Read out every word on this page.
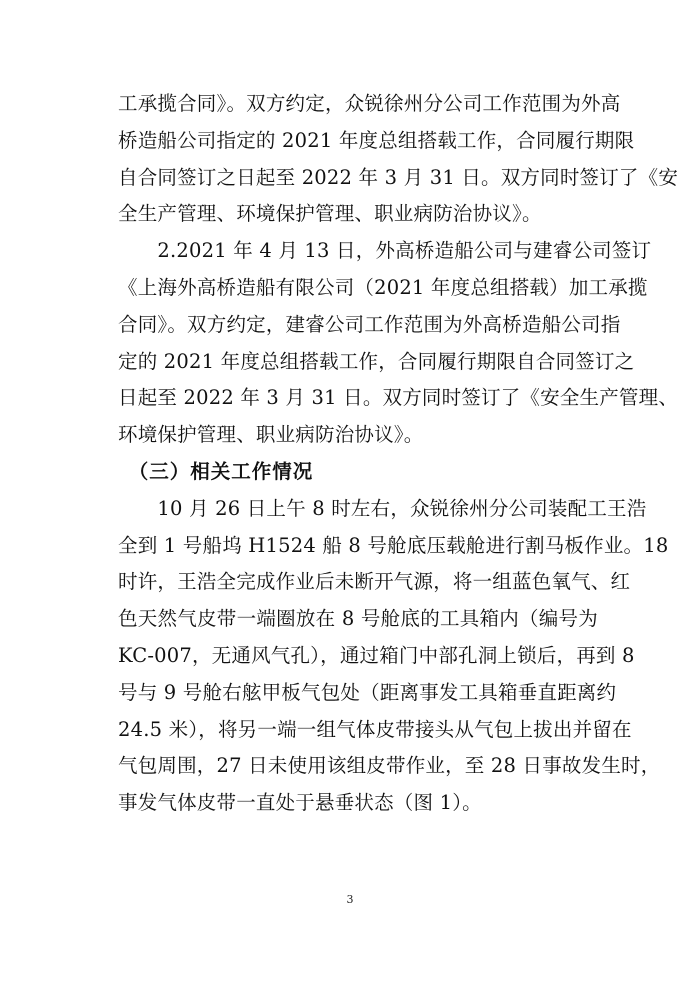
工承揽合同》。双方约定，众锐徐州分公司工作范围为外高
桥造船公司指定的 2021 年度总组搭载工作，合同履行期限
自合同签订之日起至 2022 年 3 月 31 日。双方同时签订了《安
全生产管理、环境保护管理、职业病防治协议》。
　　2.2021 年 4 月 13 日，外高桥造船公司与建睿公司签订
《上海外高桥造船有限公司（2021 年度总组搭载）加工承揽
合同》。双方约定，建睿公司工作范围为外高桥造船公司指
定的 2021 年度总组搭载工作，合同履行期限自合同签订之
日起至 2022 年 3 月 31 日。双方同时签订了《安全生产管理、
环境保护管理、职业病防治协议》。
　（三）相关工作情况
　　10 月 26 日上午 8 时左右，众锐徐州分公司装配工王浩
全到 1 号船坞 H1524 船 8 号舱底压载舱进行割马板作业。18
时许，王浩全完成作业后未断开气源，将一组蓝色氧气、红
色天然气皮带一端圈放在 8 号舱底的工具箱内（编号为
KC-007，无通风气孔），通过箱门中部孔洞上锁后，再到 8
号与 9 号舱右舷甲板气包处（距离事发工具箱垂直距离约
24.5 米），将另一端一组气体皮带接头从气包上拔出并留在
气包周围，27 日未使用该组皮带作业，至 28 日事故发生时，
事发气体皮带一直处于悬垂状态（图 1）。
3
